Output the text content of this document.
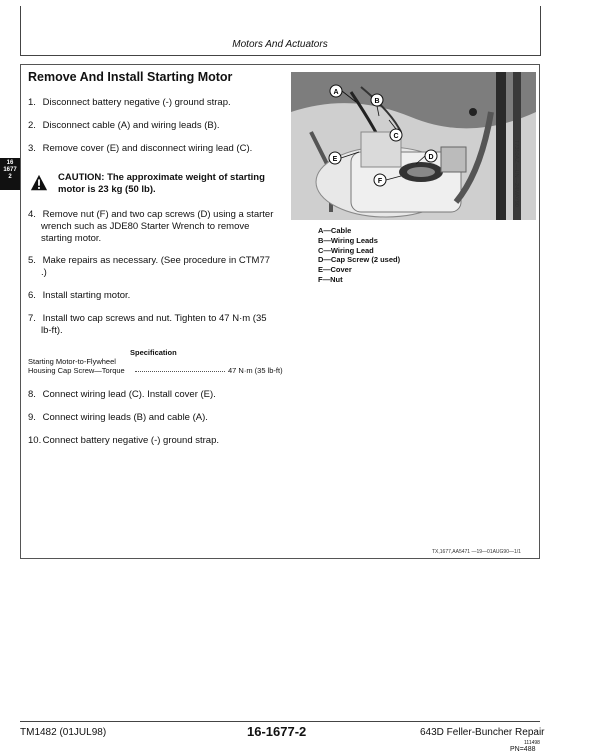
Motors And Actuators
16
1677
2
Remove And Install Starting Motor
1. Disconnect battery negative (-) ground strap.
2. Disconnect cable (A) and wiring leads (B).
3. Remove cover (E) and disconnect wiring lead (C).
CAUTION: The approximate weight of starting
motor is 23 kg (50 lb).
4. Remove nut (F) and two cap screws (D) using a starter
wrench such as JDE80 Starter Wrench to remove
starting motor.
5. Make repairs as necessary. (See procedure in CTM77
.)
6. Install starting motor.
7. Install two cap screws and nut. Tighten to 47 N·m (35
lb-ft).
Specification
Starting Motor-to-Flywheel
Housing Cap Screw—Torque	47 N·m (35 lb-ft)
8. Connect wiring lead (C). Install cover (E).
9. Connect wiring leads (B) and cable (A).
10. Connect battery negative (-) ground strap.
A
B
C
D
E
F	T7350AZ —UN—24MAY90
A—Cable
B—Wiring Leads
C—Wiring Lead
D—Cap Screw (2 used)
E—Cover
F—Nut
TX,1677,AA5471 —19—01AUG90—1/1
TM1482 (01JUL98)	16-1677-2	643D Feller-Buncher Repair
111498
PN=488
